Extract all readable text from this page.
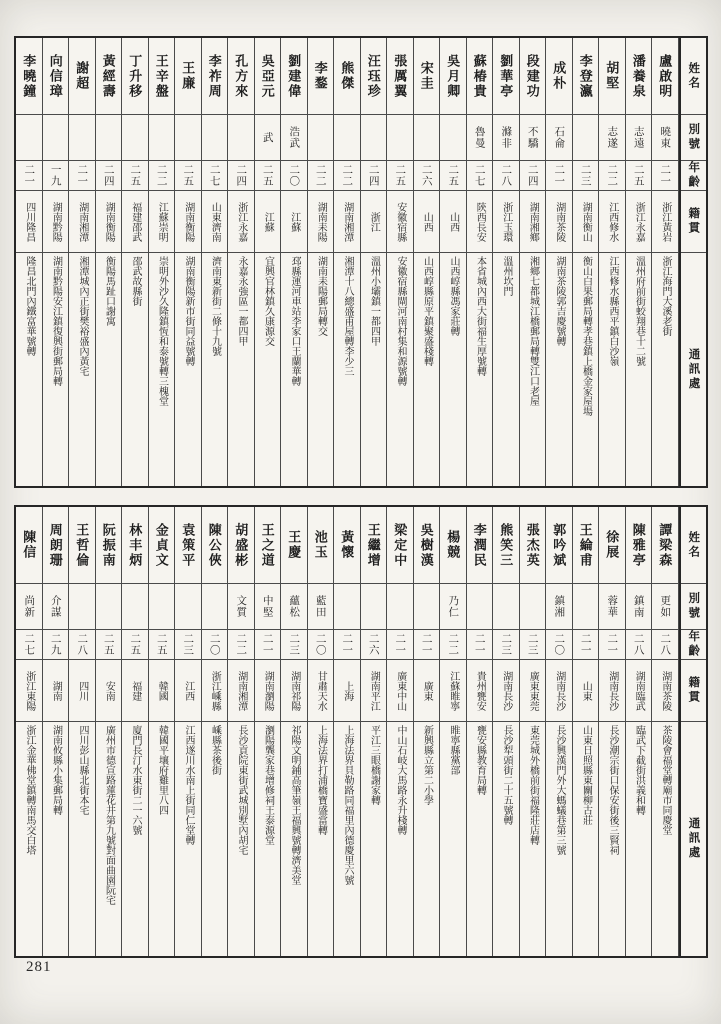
姓名
別號
年齡
籍貫
通訊處
盧啟明
曉東
二一
浙江黃岩
浙江海門大溪老街
潘養泉
志遠
二五
浙江永嘉
溫州府前街蛟翔巷十二號
胡堅
志遂
二二
江西修水
江西修水縣西平鎮白沙嶺
李登瀛
二三
湖南衡山
衡山白果郵局轉孝巷鎮上橋金家屋場
成朴
石侖
二一
湖南茶陵
湖南茶陵郭吉慶號轉
段建功
不驕
二四
湖南湘鄉
湘鄉七都城江橋郵局轉雙江口老屋
劉華亭
滌非
二八
浙江玉環
溫州坎門
蘇椿貴
魯曼
二七
陝西長安
本省城內西大街福生厚號轉
吳月卿
二五
山西
山西崞縣馮家莊轉
宋圭
二六
山西
山西崞縣原平鎮聚盛棧轉
張厲翼
二五
安徽宿縣
安徽宿縣閘河南村集和源號轉
汪珏珍
二四
浙江
溫州小壩鎮一都四甲
熊傑
二二
湖南湘潭
湘潭十八總盛甫屋轉李少三
李鍪
二二
湖南耒陽
湖南耒陽郵局轉交
劉建偉
浩武
二〇
江蘇
邳縣運河車站李家口王蘭華轉
吳亞元
武
二五
江蘇
宜興官林鎮久康源交
孔方來
二四
浙江永嘉
永嘉永強區一都四甲
李祚周
二七
山東濟南
濟南東新街二條十九號
王廉
二五
湖南衡陽
湖南衡陽新市街同益號轉
王辛盤
二二
江蘇崇明
崇明外沙久隆鎮恆和泰號轉三槐堂
丁升移
二五
福建邵武
邵武故縣街
黃經壽
二四
湖南衡陽
衡陽馬趾口謝寓
謝超
二一
湖南湘潭
湘潭城內正街樊裕盛內黃宅
向信璋
一九
湖南黔陽
湖南黔陽安江鎮復興街郵局轉
李曉鐘
二一
四川隆昌
隆昌北門內鐵富華號轉
姓名
別號
年齡
籍貫
通訊處
譚梁森
更如
二八
湖南茶陵
茶陵會福堂轉廟市同慶堂
陳雅亭
鎮南
二八
湖南臨武
臨武下截街洪義和轉
徐展
蓉華
二一
湖南長沙
長沙潮宗街口保安街後三賢祠
王綸甫
二一
山東
山東日照縣東關柳古莊
郭吟斌
鎮湘
二〇
湖南長沙
長沙興漢門外大螞蟻巷第三號
張杰英
二三
廣東東莞
東莞城外橋前街福隆莊店轉
熊笑三
二三
湖南長沙
長沙犁頭街二十五號轉
李潤民
二一
貴州甕安
甕安縣教育局轉
楊競
乃仁
二二
江蘇睢寧
睢寧縣黨部
吳樹漢
二一
廣東
新興縣立第二小學
梁定中
二一
廣東中山
中山石岐大馬路永升棧轉
王繼增
二六
湖南平江
平江三眼橋謝家轉
黃懷
二一
上海
上海法界貝勒路同福里內德慶里六號
池玉
藍田
二〇
甘肅天水
上海法界打浦橋寶盛當轉
王慶
蘊松
二三
湖南祁陽
祁陽文明鋪高筆嶺王福興號轉濟美堂
王之道
中堅
二一
湖南瀏陽
瀏陽龔家巷增修祠王泰源堂
胡盛彬
文質
二二
湖南湘潭
長沙貢院東街武城別墅內胡宅
陳公俠
二〇
浙江嵊縣
嵊縣茶後街
袁策平
二三
江西
江西遂川水南上街同仁堂轉
金貞文
二五
韓國
韓國平壤府雞里八四
林丰炳
二五
福建
廈門長汀水東街二一六號
阮振南
二五
安南
廣州市德宣路蓮花井第九號對面曲園阮宅
王哲倫
二八
四川
四川彭山縣北街本宅
周朗珊
介謀
二九
湖南
湖南攸縣小集郵局轉
陳信
尚新
二七
浙江東陽
浙江金華佛堂鎮轉南馬交白塔
281
